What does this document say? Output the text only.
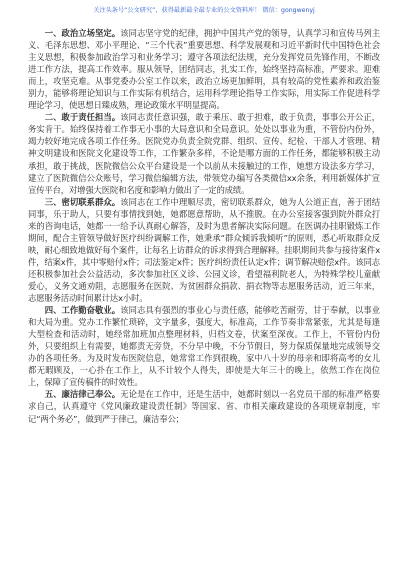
关注头条号“公文研究”，获得最新最全最专业的公文资料库！ 微信：gongwenyj

一、政治立场坚定。该同志坚守党的纪律，拥护中国共产党的领导，认真学习和宣传马列主义、毛泽东思想、邓小平理论、“三个代表”重要思想、科学发展观和习近平新时代中国特色社会主义思想，积极参加政治学习和业务学习；遵守各项法纪法规，充分发挥党员先锋作用，不断改进工作方法，提高工作效率。服从领导，团结同志，扎实工作，始终坚持高标准，严要求。迎难而上，攻坚克难。从事党委办公室工作以来，政治立场更加鲜明，具有较高的党性素养和政治鉴别力，能够将理论知识与工作实际有机结合，运用科学理论指导工作实际，用实际工作促进科学理论学习，使思想日臻成熟，理论政策水平明显提高。

二、敢于责任担当。该同志责任意识强，敢于乘压、敢于担难，敢于负责，事事公开公正，务实肯干。始终保持着工作事无小事的大局意识和全局意识。处处以事业为重，不管份内份外，竭力较好地完成各项工作任务。医院党办负责全院党群、组织、宣传、纪检、干部人才管理、精神文明建设和医院文化建设等工作，工作繁杂多样，不论是哪方面的工作任务，都能够积极主动承担，敢于挑战，医院微信公众平台建设是一个以前从未接触过的工作，她想方设法多方学习，建立了医院微信公众账号，学习微信编辑方法，带领党办编写各类微信xx余条，利用新媒体扩宣宣传平台，对增强大医院和名度和影响力做出了一定的成绩。

三、密切联系群众。该同志在工作中理顺尽责，密切联系群众，她为人公道正直，善于团结同事，乐于助人，只要有事情找到她，她都愿意帮助，从不推脱。在办公室接客强到院外群众打来的咨询电话，她都一一给予认真耐心解答，及时为患者解决实际问题。在医调办挂职锻炼工作期间，配合主管领导做好医疗纠纷调解工作，她秉承“群众倾诉我倾听”的原则，悉心听取群众反映，耐心细致地做好每个案件，让每名上访群众的诉求得到合理解释。挂职期间共参与接待案件x件，结案x件，其中零赔付x件；司法鉴定x件；医疗纠纷责任认定x件；调节解决赔偿x件。该同志还积极参加社会公益活动，多次参加社区义诊、公园义诊，看望福利院老人，为特殊学校儿童献爱心，义务文通劝阻，志愿服务在医院、为贫困群众捐款、捐衣物等志愿服务活动，近三年来，志愿服务活动时间累计达x小时。

四、工作勤奋敬业。该同志具有强烈的事业心与责任感，能够吃苦耐劳，甘于奉献，以事业和大局为重。党办工作繁忙琐碎，文字量多，强度大，标准高，工作节奏非常紧张，尤其是每逢大型检查和活动时，她经常加班加点整理材料，归档文卷，伏案至深夜。工作上，不管份内份外，只要组织上有需要，她都责无旁贷，不分早中晚，不分节假日，努力保质保量地完成领导交办的各项任务。为及时发布医院信息，她常常工作到很晚，家中八十岁的母亲和即将高考的女儿都无暇顾及，一心扑在工作上，从不计较个人得失，即使是大年三十的晚上，依然工作在岗位上，保障了宣传稿件的时效性。

五、廉洁律己奉公。无论是在工作中，还是生活中，她都时刻以一名党员干部的标准严格要求自己，认真遵守《党风廉政建设责任制》等国家、省、市相关廉政建设的各项规章制度，牢记“两个务必”，做到严于律己，廉洁奉公；
